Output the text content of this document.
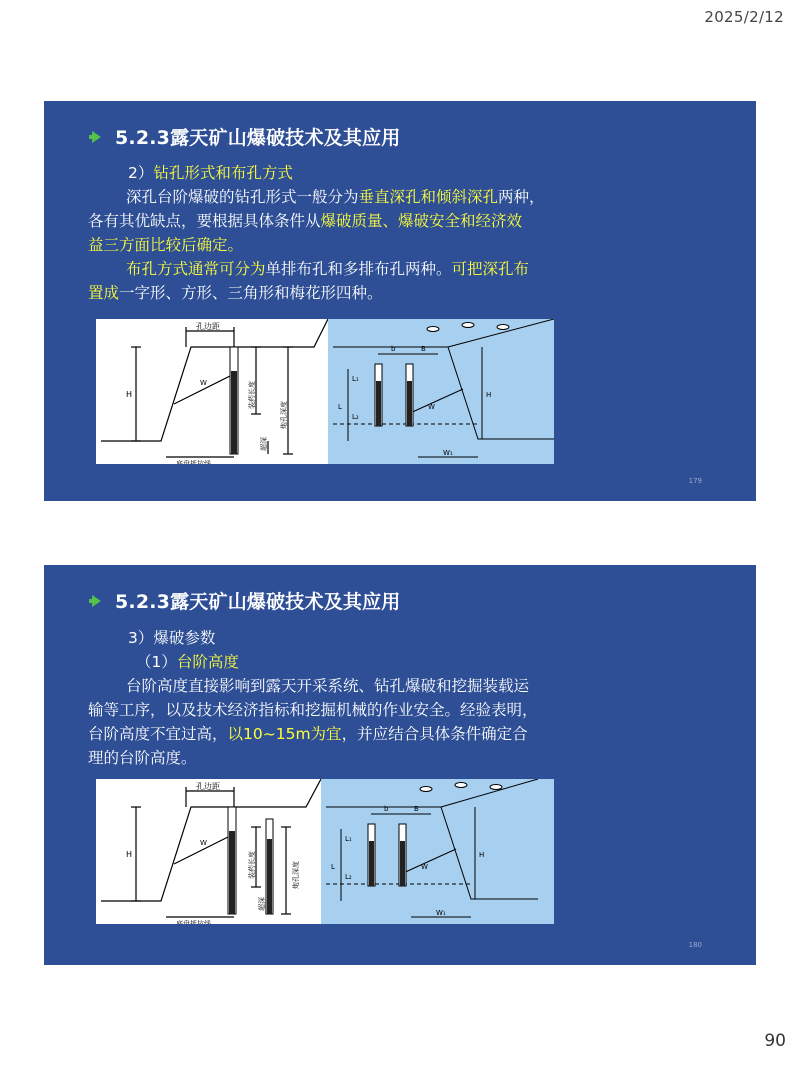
2025/2/12
5.2.3露天矿山爆破技术及其应用
2）钻孔形式和布孔方式
深孔台阶爆破的钻孔形式一般分为垂直深孔和倾斜深孔两种，
各有其优缺点，要根据具体条件从爆破质量、爆破安全和经济效
益三方面比较后确定。
布孔方式通常可分为单排布孔和多排布孔两种。可把深孔布
置成一字形、方形、三角形和梅花形四种。
孔边距
H
W
底盘抵抗线
装药长度
炮孔深度
超深
b	B
L₁
L
L₂
H
W
W₁
179
5.2.3露天矿山爆破技术及其应用
3）爆破参数
（1）台阶高度
台阶高度直接影响到露天开采系统、钻孔爆破和挖掘装载运
输等工序，以及技术经济指标和挖掘机械的作业安全。经验表明，
台阶高度不宜过高，以10~15m为宜，并应结合具体条件确定合
理的台阶高度。
孔边距
H
W
底盘抵抗线
装药长度	炮孔深度
超深
b	B
L₁
L
L₂
H
W
W₁
180
90
